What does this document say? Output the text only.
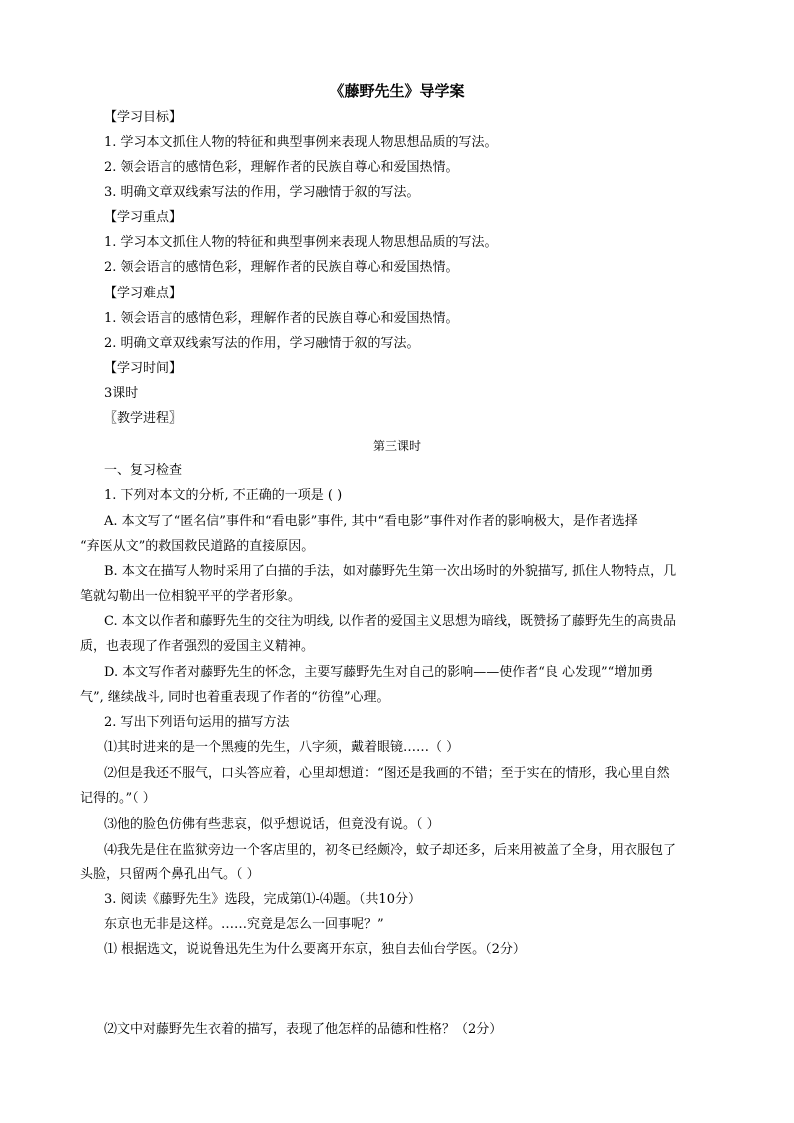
《藤野先生》导学案
【学习目标】
1. 学习本文抓住人物的特征和典型事例来表现人物思想品质的写法。
2. 领会语言的感情色彩，理解作者的民族自尊心和爱国热情。
3. 明确文章双线索写法的作用，学习融情于叙的写法。
【学习重点】
1. 学习本文抓住人物的特征和典型事例来表现人物思想品质的写法。
2. 领会语言的感情色彩，理解作者的民族自尊心和爱国热情。
【学习难点】
1. 领会语言的感情色彩，理解作者的民族自尊心和爱国热情。
2. 明确文章双线索写法的作用，学习融情于叙的写法。
【学习时间】
3课时
〖教学进程〗
第三课时
一、复习检查
1. 下列对本文的分析, 不正确的一项是 ( )
A. 本文写了“匿名信”事件和“看电影”事件, 其中“看电影”事件对作者的影响极大，是作者选择
“弃医从文”的救国救民道路的直接原因。
B. 本文在描写人物时采用了白描的手法，如对藤野先生第一次出场时的外貌描写, 抓住人物特点，几
笔就勾勒出一位相貌平平的学者形象。
C. 本文以作者和藤野先生的交往为明线, 以作者的爱国主义思想为暗线，既赞扬了藤野先生的高贵品
质，也表现了作者强烈的爱国主义精神。
D. 本文写作者对藤野先生的怀念，主要写藤野先生对自己的影响——使作者“良 心发现”“增加勇
气”, 继续战斗, 同时也着重表现了作者的“彷徨”心理。
2. 写出下列语句运用的描写方法
⑴其时进来的是一个黑瘦的先生，八字须，戴着眼镜……（ ）
⑵但是我还不服气，口头答应着，心里却想道：“图还是我画的不错；至于实在的情形，我心里自然
记得的。”（ ）
⑶他的脸色仿佛有些悲哀，似乎想说话，但竟没有说。（ ）
⑷我先是住在监狱旁边一个客店里的，初冬已经颇冷，蚊子却还多，后来用被盖了全身，用衣服包了
头脸，只留两个鼻孔出气。（ ）
3. 阅读《藤野先生》选段，完成第⑴-⑷题。（共10分）
东京也无非是这样。……究竟是怎么一回事呢？”
⑴ 根据选文，说说鲁迅先生为什么要离开东京，独自去仙台学医。（2分）
⑵文中对藤野先生衣着的描写，表现了他怎样的品德和性格？（2分）
